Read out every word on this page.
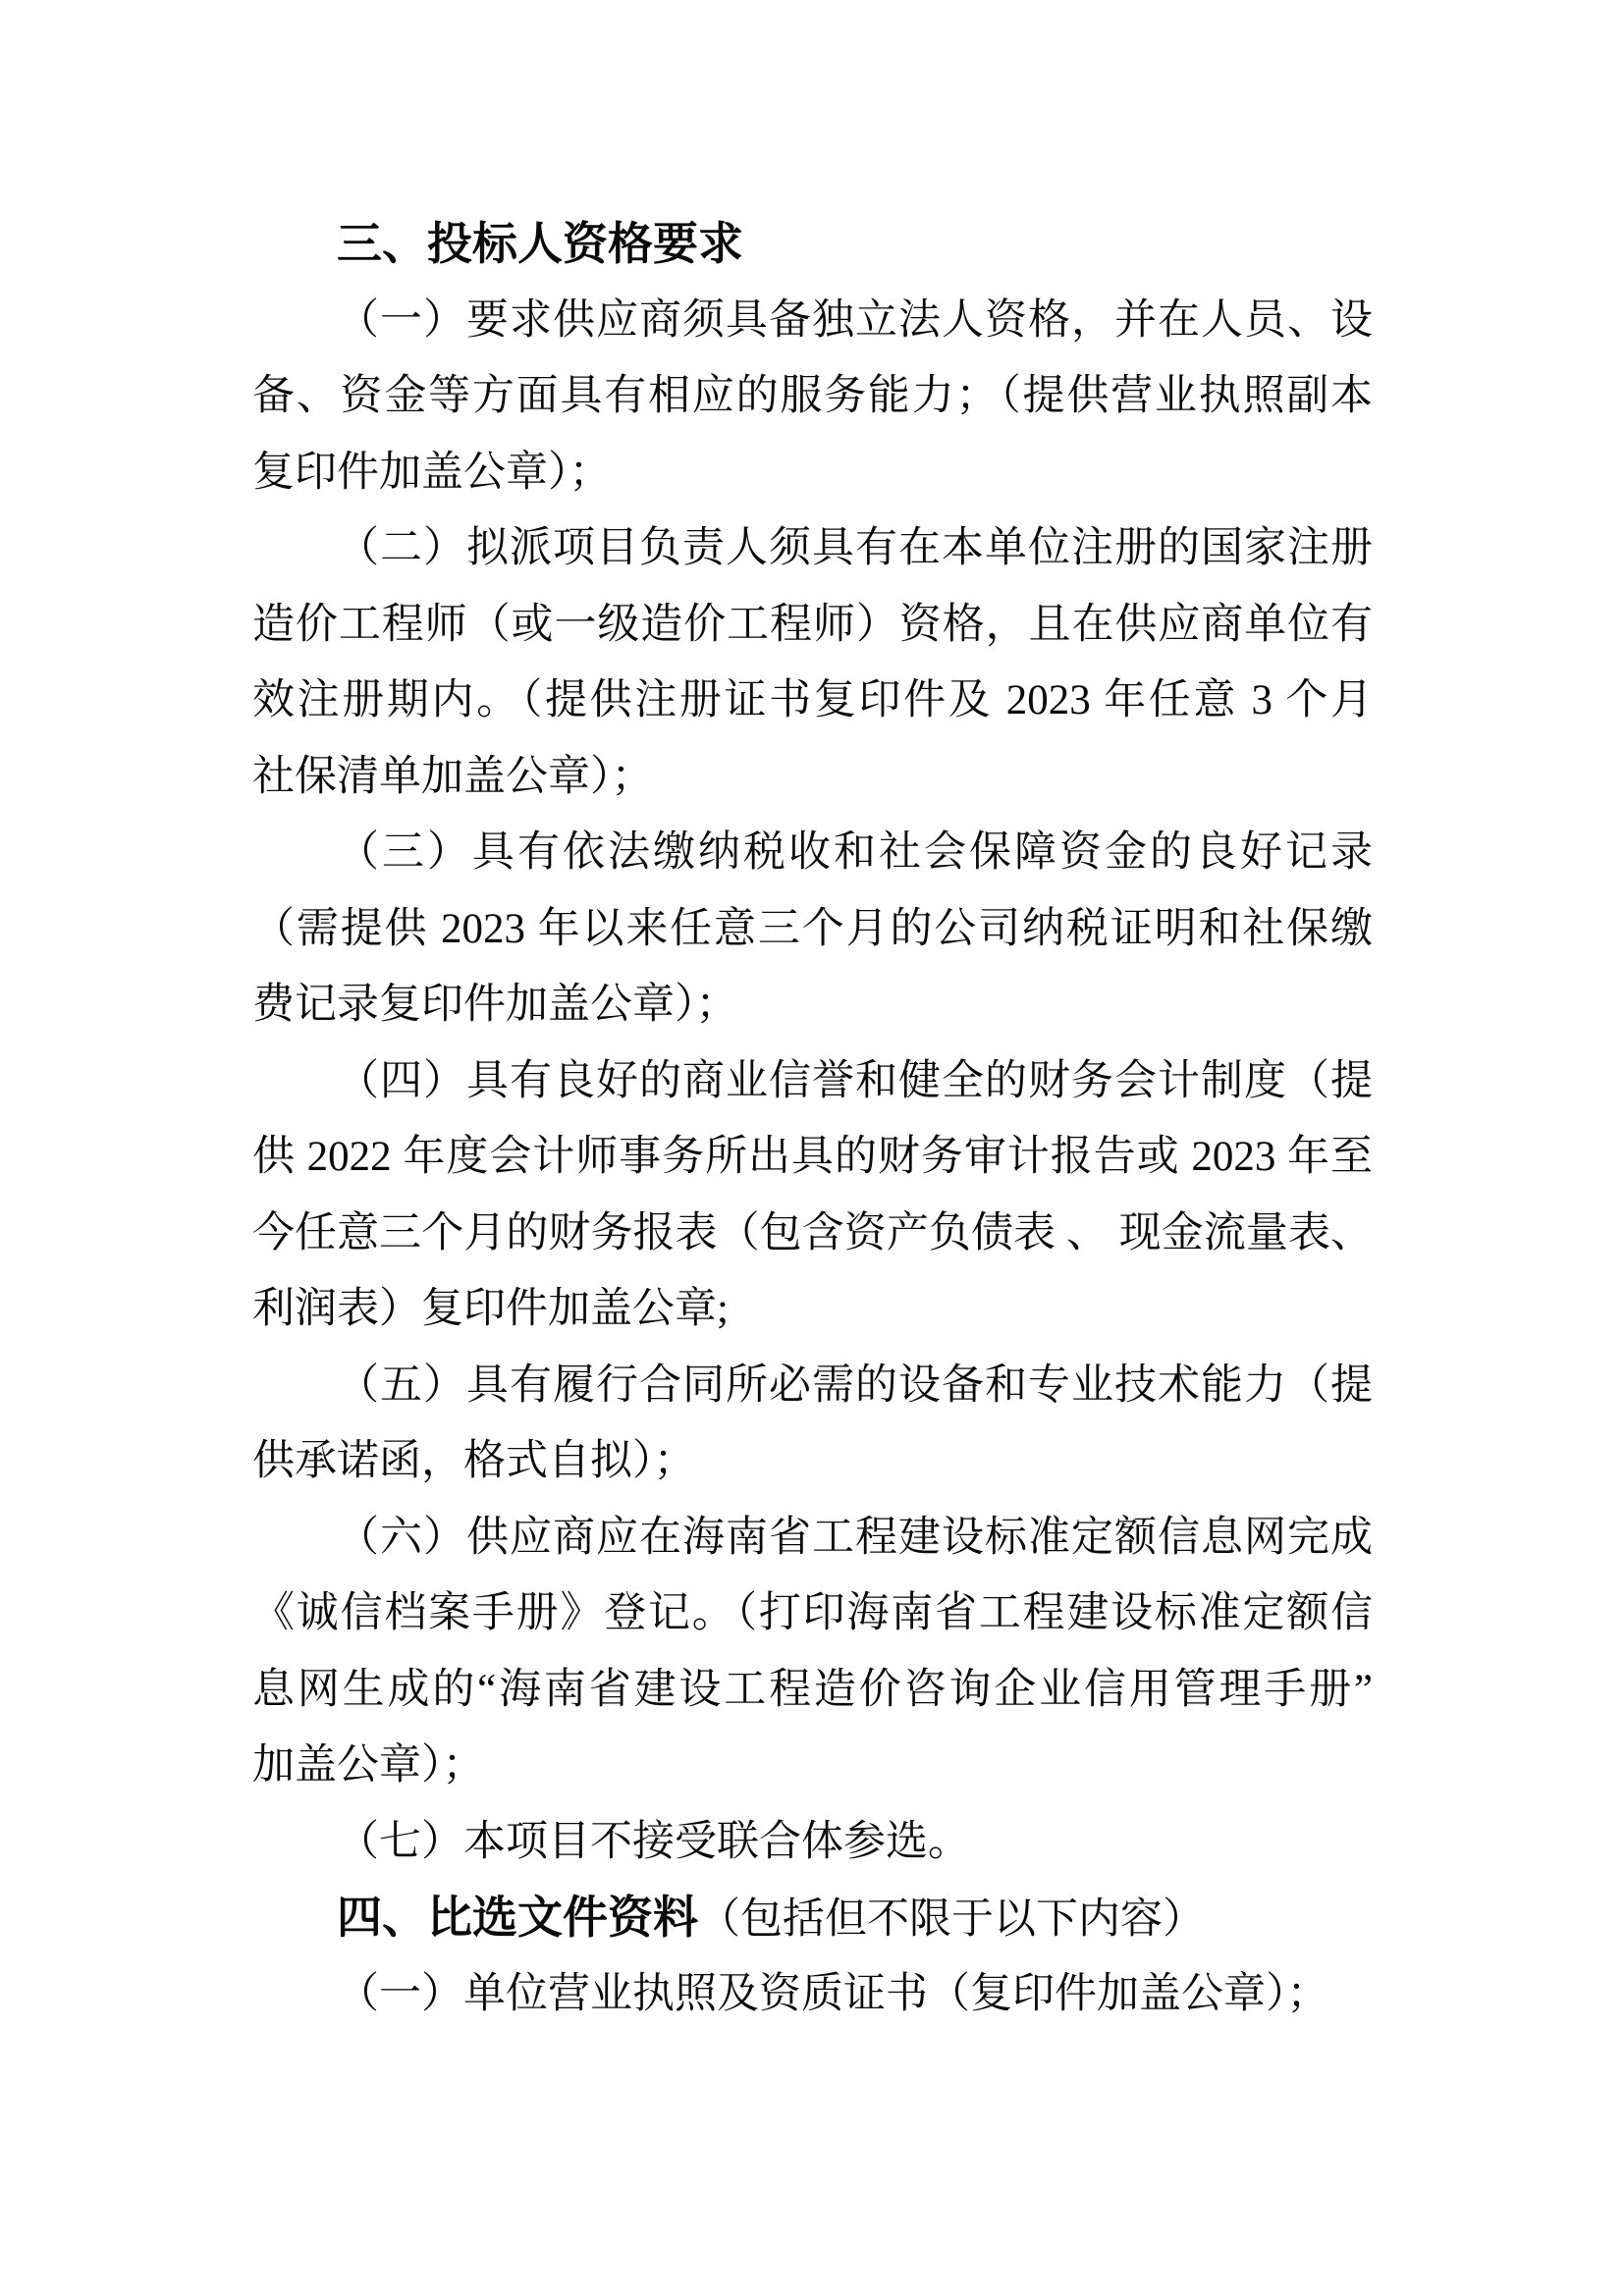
三、投标人资格要求
（一）要求供应商须具备独立法人资格，并在人员、设
备、资金等方面具有相应的服务能力；（提供营业执照副本
复印件加盖公章）；
（二）拟派项目负责人须具有在本单位注册的国家注册
造价工程师（或一级造价工程师）资格，且在供应商单位有
效注册期内。（提供注册证书复印件及 2023 年任意 3 个月
社保清单加盖公章）；
（三）具有依法缴纳税收和社会保障资金的良好记录
（需提供 2023 年以来任意三个月的公司纳税证明和社保缴
费记录复印件加盖公章）；
（四）具有良好的商业信誉和健全的财务会计制度（提
供 2022 年度会计师事务所出具的财务审计报告或 2023 年至
今任意三个月的财务报表（包含资产负债表 、 现金流量表、
利润表）复印件加盖公章;
（五）具有履行合同所必需的设备和专业技术能力（提
供承诺函，格式自拟）；
（六）供应商应在海南省工程建设标准定额信息网完成
《诚信档案手册》登记。（打印海南省工程建设标准定额信
息网生成的“海南省建设工程造价咨询企业信用管理手册”
加盖公章）；
（七）本项目不接受联合体参选。
四、比选文件资料（包括但不限于以下内容）
（一）单位营业执照及资质证书（复印件加盖公章）；
